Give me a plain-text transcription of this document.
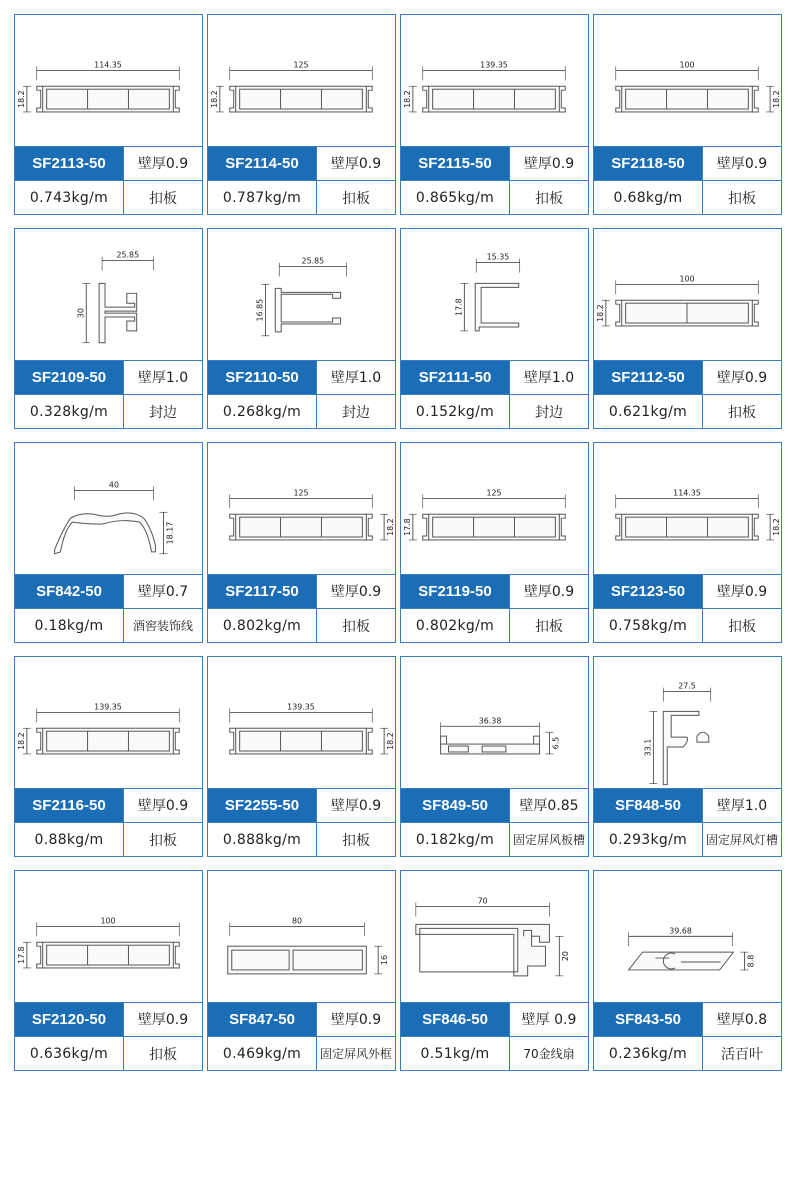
114.35
18.2
SF2113-50	壁厚0.9
0.743kg/m	扣板
125
18.2
SF2114-50	壁厚0.9
0.787kg/m	扣板
139.35
18.2
SF2115-50	壁厚0.9
0.865kg/m	扣板
100
18.2
SF2118-50	壁厚0.9
0.68kg/m	扣板
25.85
30
SF2109-50	壁厚1.0
0.328kg/m	封边
25.85
16.85
SF2110-50	壁厚1.0
0.268kg/m	封边
15.35
17.8
SF2111-50	壁厚1.0
0.152kg/m	封边
100
18.2
SF2112-50	壁厚0.9
0.621kg/m	扣板
40
18.17
SF842-50	壁厚0.7
0.18kg/m	酒窖装饰线
125
18.2
SF2117-50	壁厚0.9
0.802kg/m	扣板
125
17.8
SF2119-50	壁厚0.9
0.802kg/m	扣板
114.35
18.2
SF2123-50	壁厚0.9
0.758kg/m	扣板
139.35
18.2
SF2116-50	壁厚0.9
0.88kg/m	扣板
139.35
18.2
SF2255-50	壁厚0.9
0.888kg/m	扣板
36.38
6.5
SF849-50	壁厚0.85
0.182kg/m	固定屏风板槽
27.5
33.1
SF848-50	壁厚1.0
0.293kg/m	固定屏风灯槽
100
17.8
SF2120-50	壁厚0.9
0.636kg/m	扣板
80
16
SF847-50	壁厚0.9
0.469kg/m	固定屏风外框
70
20
SF846-50	壁厚 0.9
0.51kg/m	70金线扇
39.68
8.8
SF843-50	壁厚0.8
0.236kg/m	活百叶
